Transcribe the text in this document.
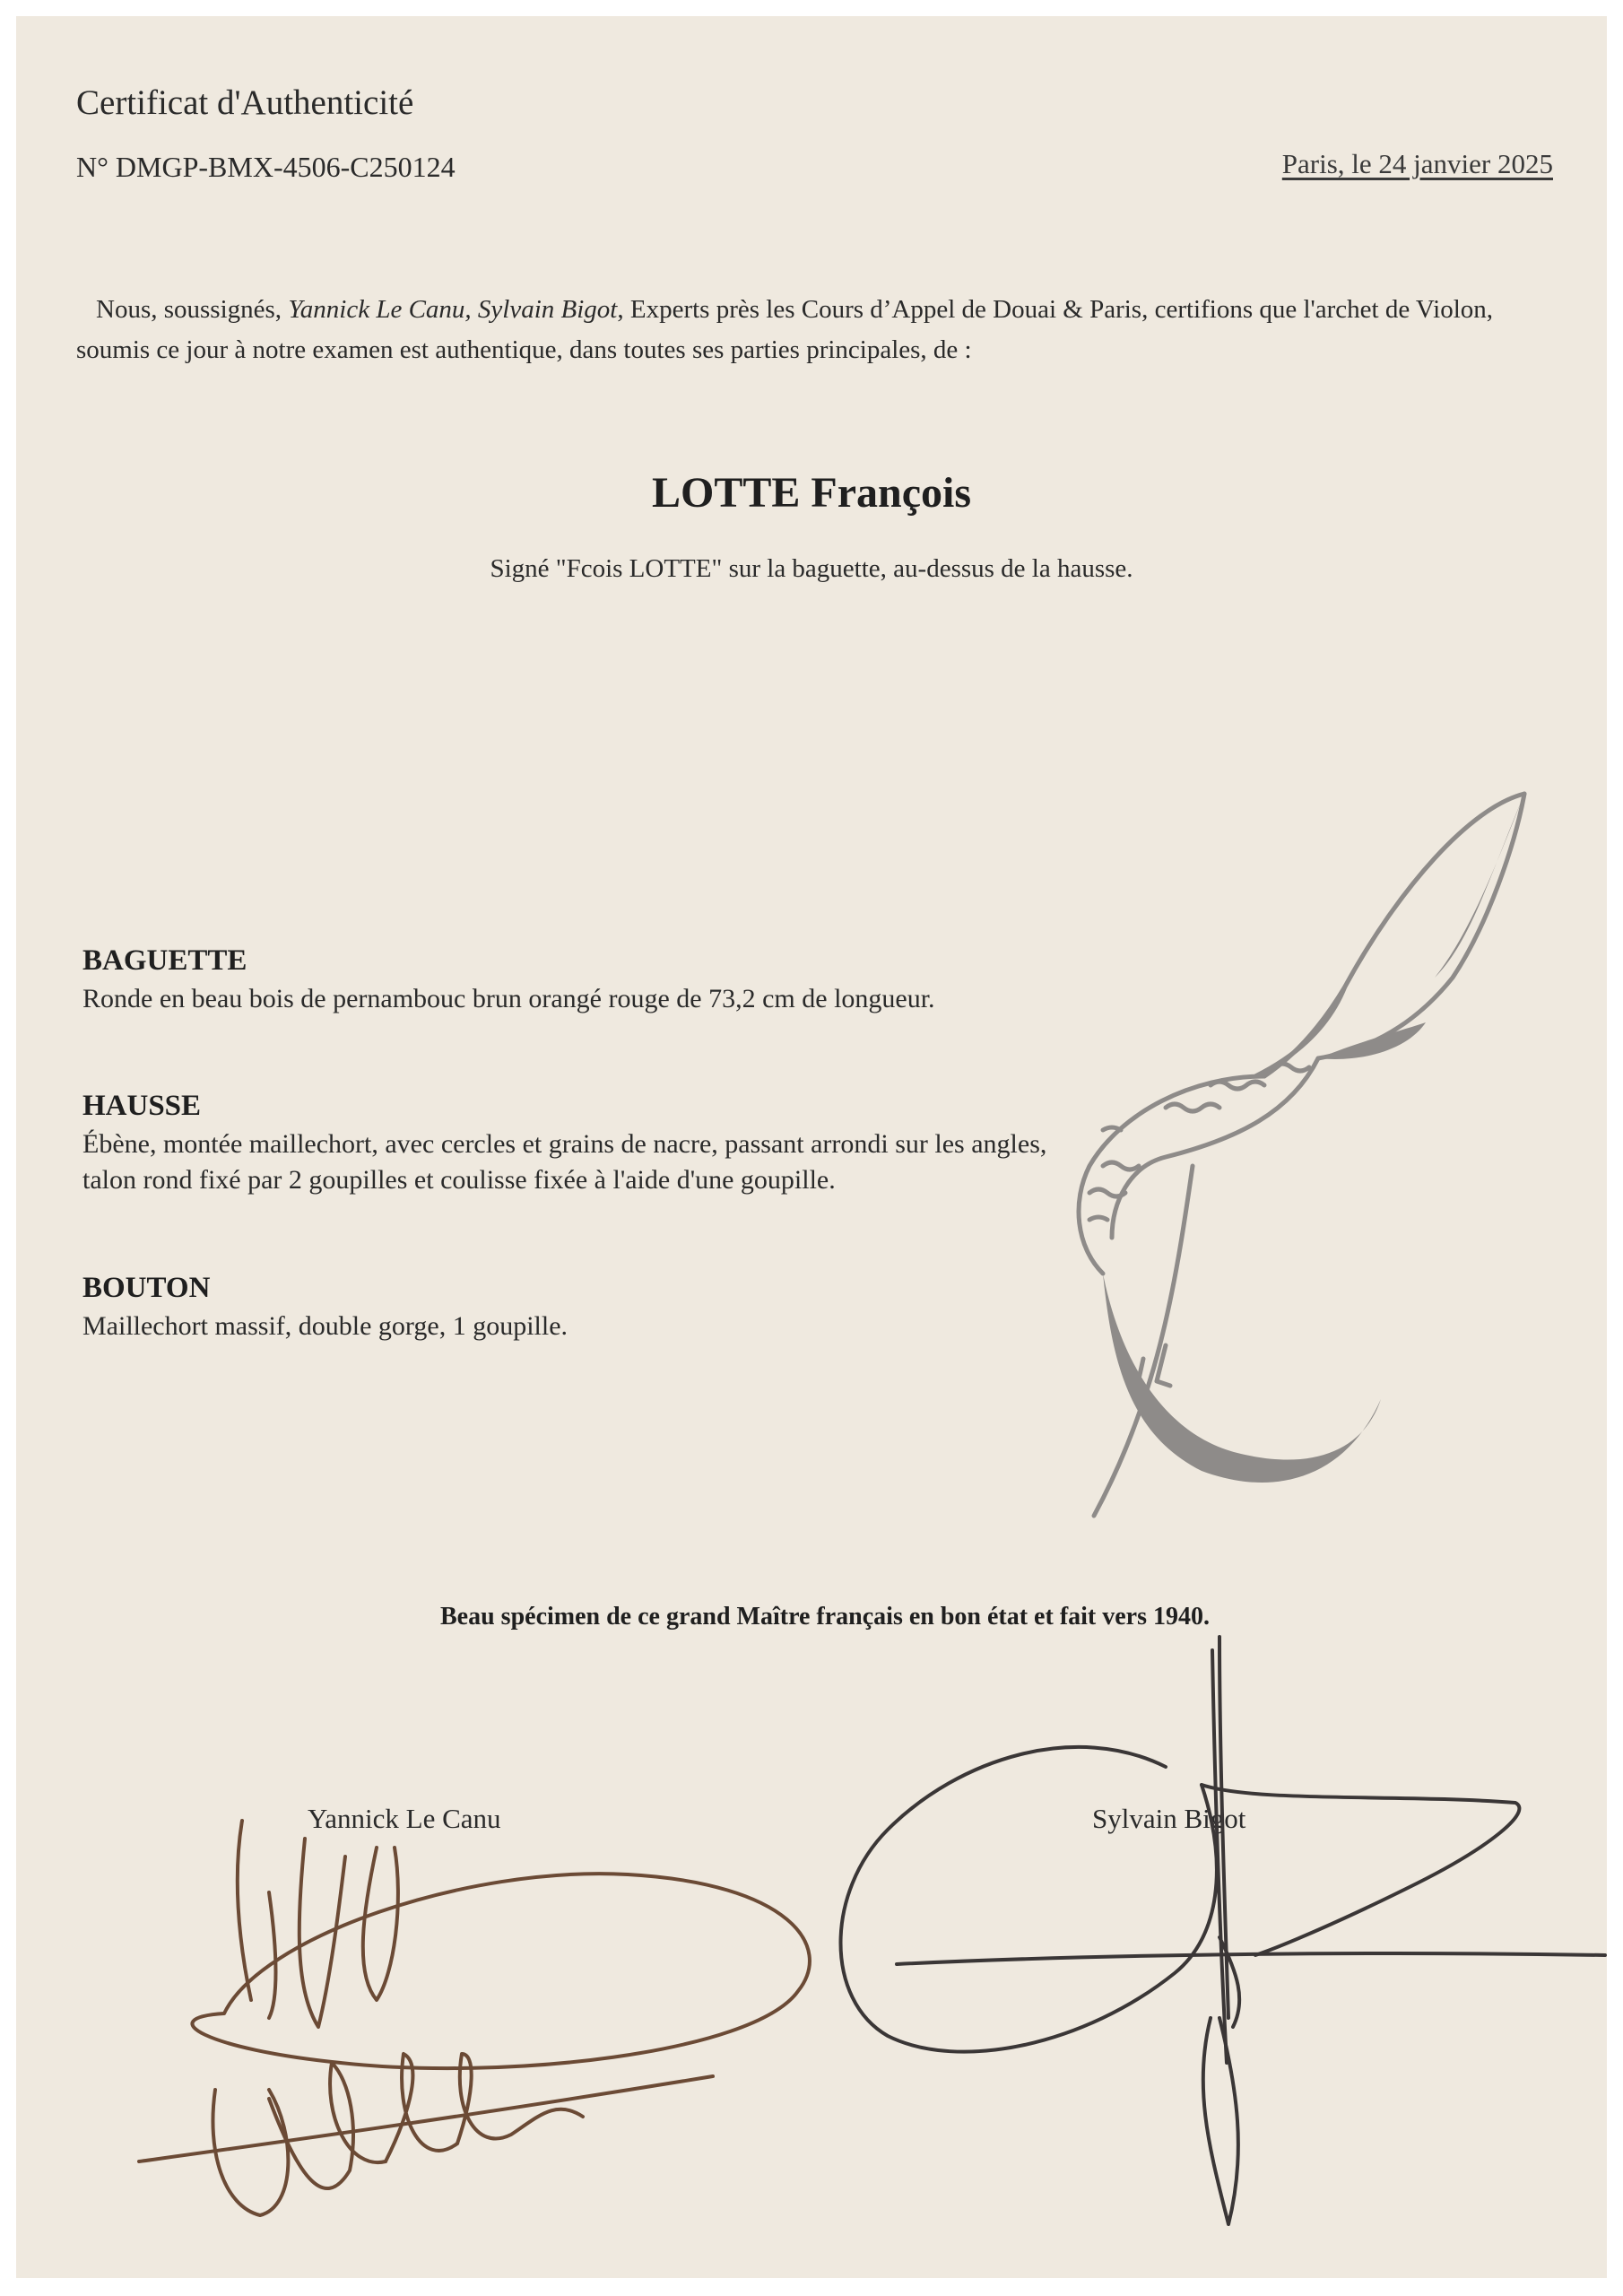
Certificat d'Authenticité
N° DMGP-BMX-4506-C250124	Paris, le 24 janvier 2025
Nous, soussignés, Yannick Le Canu, Sylvain Bigot, Experts près les Cours d’Appel de Douai & Paris, certifions que l'archet de Violon, soumis ce jour à notre examen est authentique, dans toutes ses parties principales, de :
LOTTE François
Signé "Fcois LOTTE" sur la baguette, au-dessus de la hausse.
BAGUETTE
Ronde en beau bois de pernambouc brun orangé rouge de 73,2 cm de longueur.
HAUSSE
Ébène, montée maillechort, avec cercles et grains de nacre, passant arrondi sur les angles, talon rond fixé par 2 goupilles et coulisse fixée à l'aide d'une goupille.
BOUTON
Maillechort massif, double gorge, 1 goupille.
Beau spécimen de ce grand Maître français en bon état et fait vers 1940.
Yannick Le Canu	Sylvain Bigot
